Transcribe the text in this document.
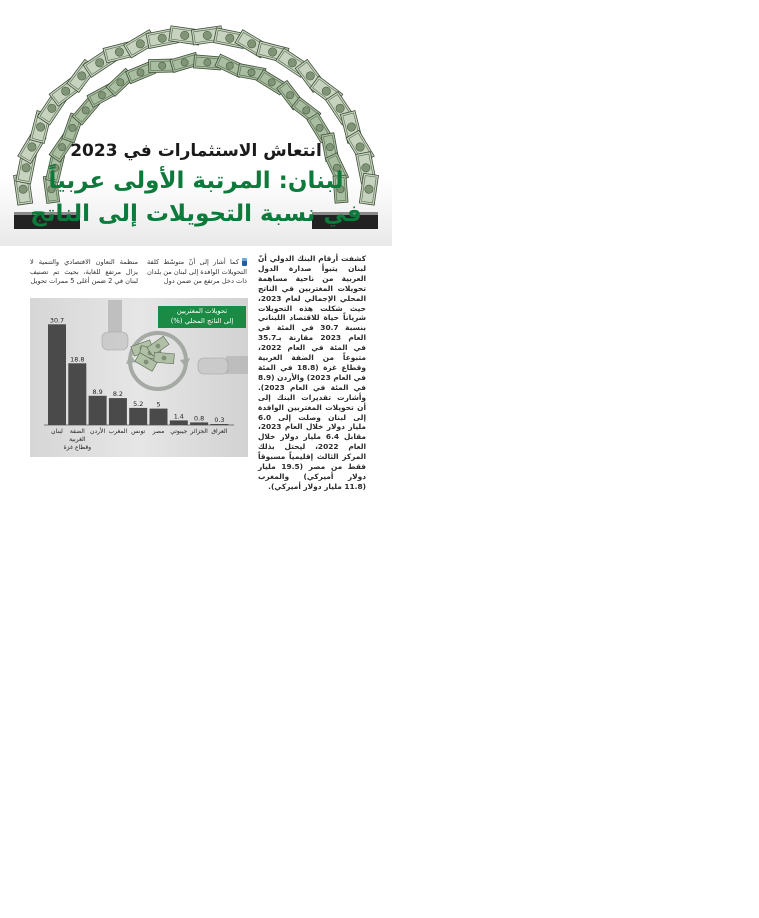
انتعاش الاستثمارات في 2023
لبنان: المرتبة الأولى عربياً
في نسبة التحويلات إلى الناتج
كشفت أرقام البنك الدولي أنّ لبنان يتبوأ صدارة الدول العربية من ناحية مساهمة تحويلات المغتربين في الناتج المحلي الإجمالي لعام 2023، حيث شكلت هذه التحويلات شرياناً حياة للاقتصاد اللبناني بنسبة 30.7 في المئة في العام 2023 مقارنة بـ35.7 في المئة في العام 2022، متبوعاً من الضفة الغربية وقطاع غزة (18.8 في المئة في العام 2023) والأردن (8.9 في المئة في العام 2023). وأشارت تقديرات البنك إلى أن تحويلات المغتربين الوافدة إلى لبنان وصلت إلى 6.0 مليار دولار خلال العام 2023، مقابل 6.4 مليار دولار خلال العام 2022، ليحتل بذلك المركز الثالث إقليمياً مسبوقاً فقط من مصر (19.5 مليار دولار أميركي) والمغرب (11.8 مليار دولار أميركي).
كما أشار إلى أنّ متوسّط كلفة التحويلات الوافدة إلى لبنان من بلدان ذات دخل مرتفع من ضمن دول
منظمة التعاون الاقتصادي والتنمية لا يزال مرتفع للغاية، بحيث تم تصنيف لبنان في 2 ضمن أغلى 5 ممرات تحويل
30.7
لبنان
18.8
الضفة
الغربية
وقطاع غزة
8.9
الأردن
8.2
المغرب
5.2
تونس
5
مصر
1.4
جيبوتي
0.8
الجزائر
0.3
العراق
تحويلات المغتربين
إلى الناتج المحلي (%)
